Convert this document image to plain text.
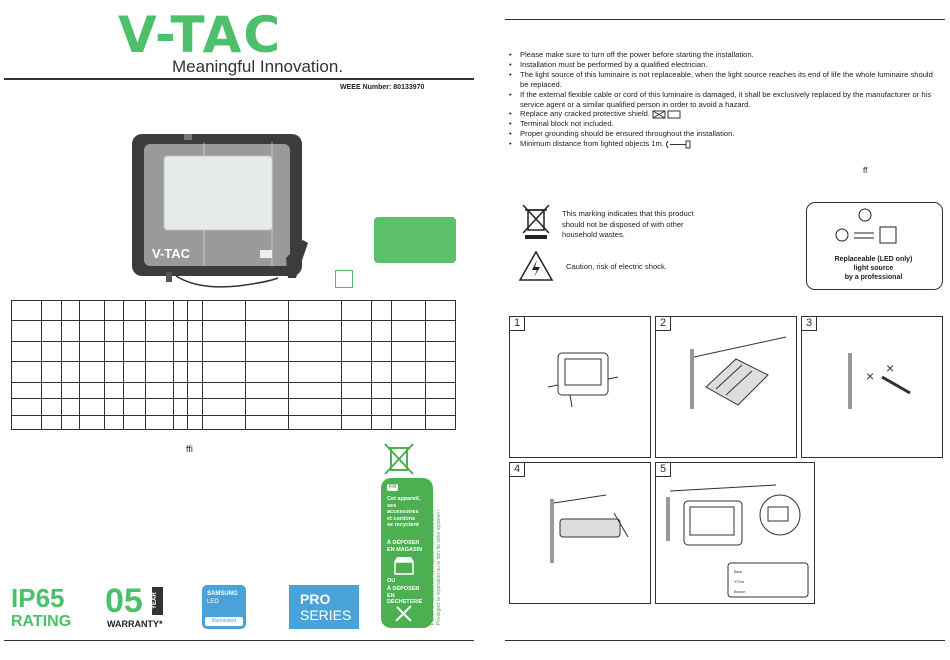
V-TAC
Meaningful Innovation.
WEEE Number: 80133970
V-TAC

ffi
IP65
RATING
05 YEAR
WARRANTY*
SAMSUNG
LED
Illuminated
PRO
SERIES
FR
Cet appareil, ses accessoires et cordons se recyclent
À DÉPOSER EN MAGASIN
OU
À DÉPOSER EN DÉCHETERIE Points de collecte sur www.quefairedemesdechets.fr Privilégiez la réparation ou le don de votre appareil !
• Please make sure to turn off the power before starting the installation.
• Installation must be performed by a qualified electrician.
• The light source of this luminaire is not replaceable, when the light source reaches its end of life the whole luminaire should be replaced.
• If the external flexible cable or cord of this luminaire is damaged, it shall be exclusively replaced by the manufacturer or his service agent or a similar qualified person in order to avoid a hazard.
• Replace any cracked protective shield.
• Terminal block not included.
• Proper grounding should be ensured throughout the installation.
• Minimum distance from lighted objects 1m.
ff
This marking indicates that this product should not be disposed of with other household wastes.
Caution, risk of electric shock.
Replaceable (LED only)
light source
by a professional
1	2	3
× ×
4	5
Blue
Y/Gm
Brown
